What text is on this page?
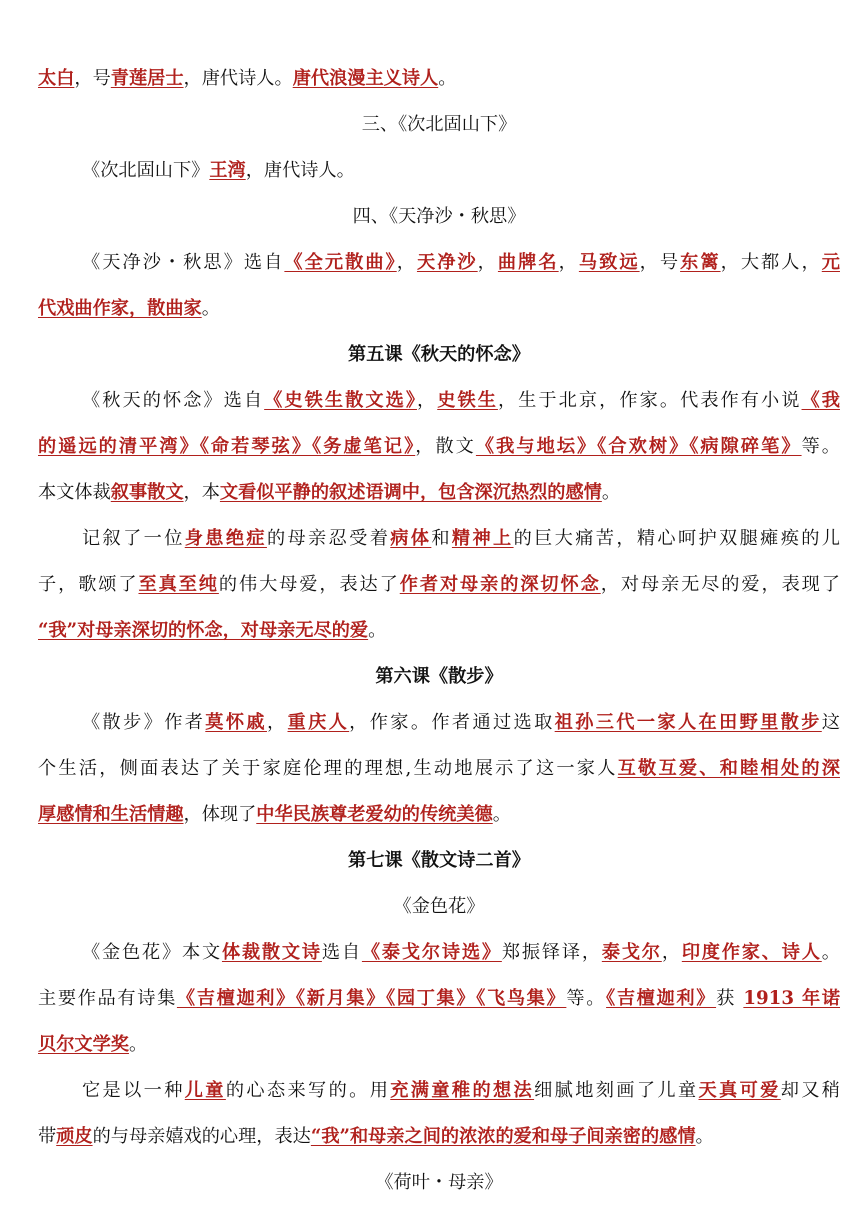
太白，号青莲居士，唐代诗人。唐代浪漫主义诗人。
三、《次北固山下》
《次北固山下》王湾，唐代诗人。
四、《天净沙・秋思》
《天净沙・秋思》选自《全元散曲》，天净沙，曲牌名，马致远，号东篱，大都人，元
代戏曲作家，散曲家。
第五课《秋天的怀念》
《秋天的怀念》选自《史铁生散文选》，史铁生，生于北京，作家。代表作有小说《我
的遥远的清平湾》《命若琴弦》《务虚笔记》，散文《我与地坛》《合欢树》《病隙碎笔》等。
本文体裁叙事散文，本文看似平静的叙述语调中，包含深沉热烈的感情。
记叙了一位身患绝症的母亲忍受着病体和精神上的巨大痛苦，精心呵护双腿瘫痪的儿
子，歌颂了至真至纯的伟大母爱，表达了作者对母亲的深切怀念，对母亲无尽的爱，表现了
“我”对母亲深切的怀念，对母亲无尽的爱。
第六课《散步》
《散步》作者莫怀戚，重庆人，作家。作者通过选取祖孙三代一家人在田野里散步这
个生活，侧面表达了关于家庭伦理的理想,生动地展示了这一家人互敬互爱、和睦相处的深
厚感情和生活情趣，体现了中华民族尊老爱幼的传统美德。
第七课《散文诗二首》
《金色花》
《金色花》本文体裁散文诗选自《泰戈尔诗选》郑振铎译，泰戈尔，印度作家、诗人。
主要作品有诗集《吉檀迦利》《新月集》《园丁集》《飞鸟集》等。《吉檀迦利》获 1913 年诺
贝尔文学奖。
它是以一种儿童的心态来写的。用充满童稚的想法细腻地刻画了儿童天真可爱却又稍
带顽皮的与母亲嬉戏的心理，表达“我”和母亲之间的浓浓的爱和母子间亲密的感情。
《荷叶・母亲》
